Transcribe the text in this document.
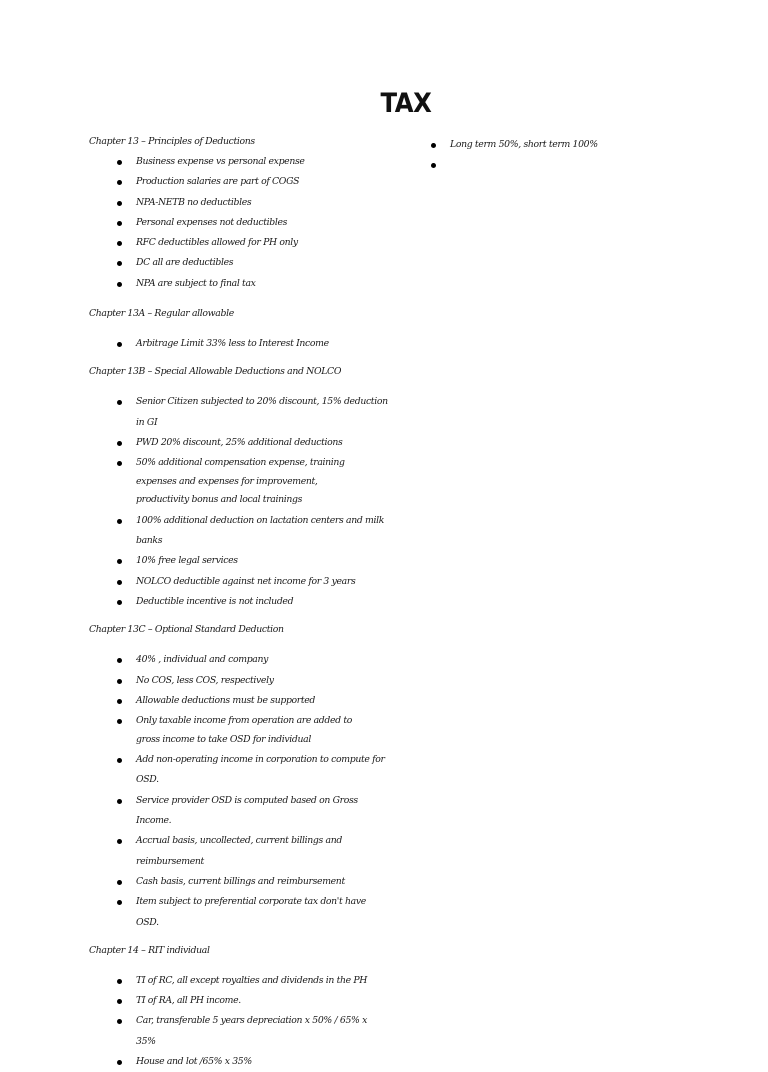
TAX

Chapter 13 – Principles of Deductions

Business expense vs personal expense
Production salaries are part of COGS
NPA-NETB no deductibles
Personal expenses not deductibles
RFC deductibles allowed for PH only
DC all are deductibles
NPA are subject to final tax

Chapter 13A – Regular allowable

Arbitrage Limit 33% less to Interest Income

Chapter 13B – Special Allowable Deductions and NOLCO

Senior Citizen subjected to 20% discount, 15% deduction in GI
PWD 20% discount, 25% additional deductions
50% additional compensation expense, training expenses and expenses for improvement, productivity bonus and local trainings
100% additional deduction on lactation centers and milk banks
10% free legal services
NOLCO deductible against net income for 3 years
Deductible incentive is not included

Chapter 13C – Optional Standard Deduction

40% , individual and company
No COS, less COS, respectively
Allowable deductions must be supported
Only taxable income from operation are added to gross income to take OSD for individual
Add non-operating income in corporation to compute for OSD.
Service provider OSD is computed based on Gross Income.
Accrual basis, uncollected, current billings and reimbursement
Cash basis, current billings and reimbursement
Item subject to preferential corporate tax don't have OSD.

Chapter 14 – RIT individual

TI of RC, all except royalties and dividends in the PH
TI of RA, all PH income.
Car, transferable 5 years depreciation x 50% / 65% x 35%
House and lot /65% x 35%
Long term 50%, short term 100%
